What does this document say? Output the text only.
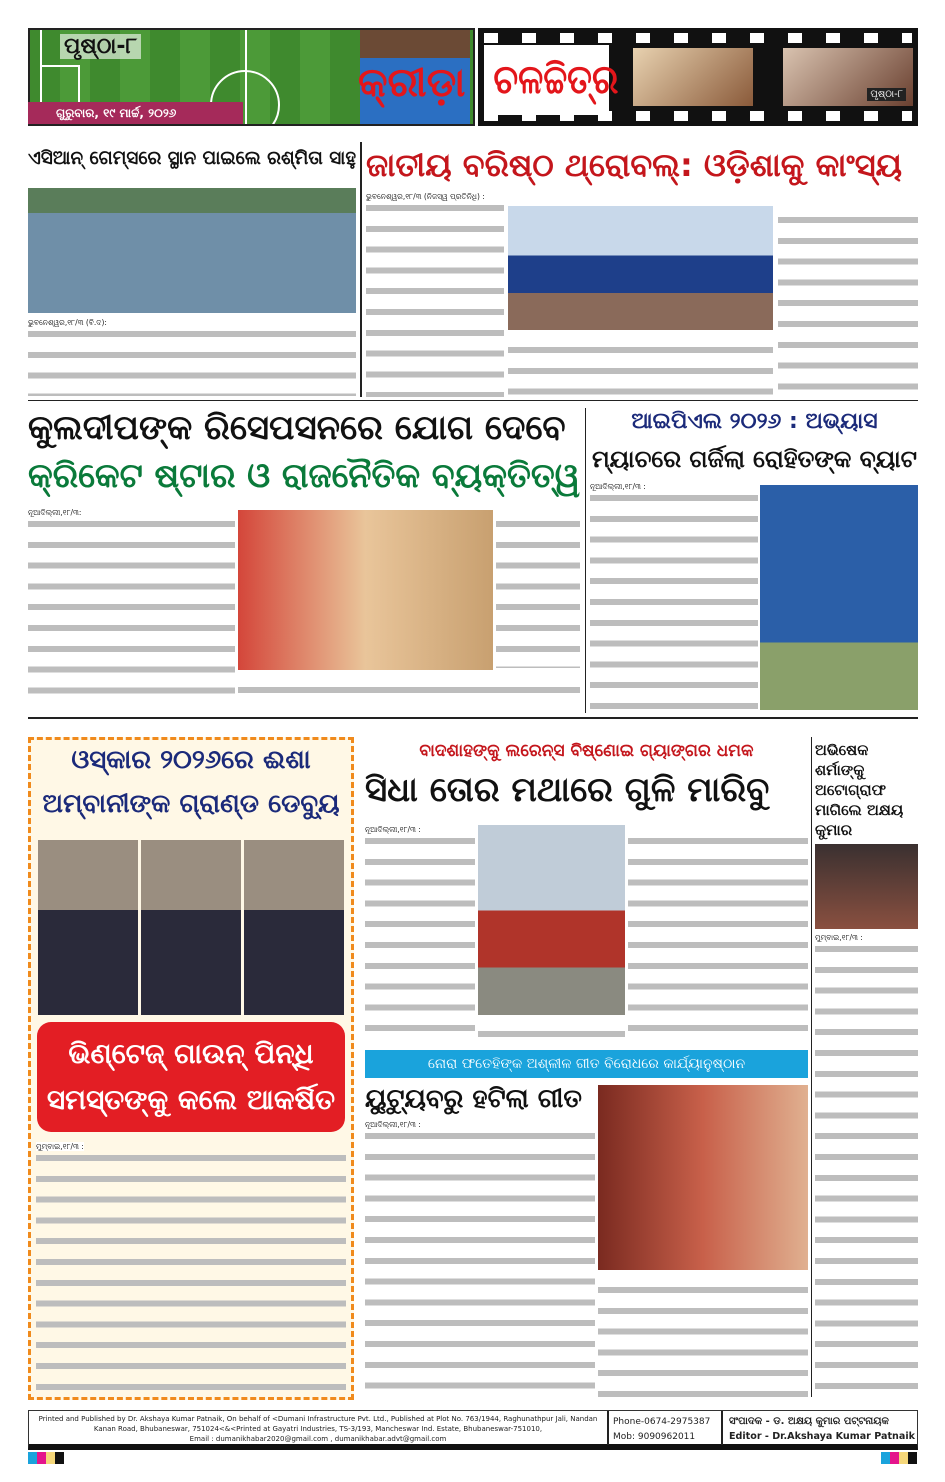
ପୃଷ୍ଠା-୮
ଗୁରୁବାର, ୧୯ ମାର୍ଚ୍ଚ, ୨୦୨୬
କ୍ରୀଡ଼ା	ପୃଷ୍ଠା-୮
ଚଳଚ୍ଚିତ୍ର
ଏସିଆନ୍ ଗେମ୍ସରେ ସ୍ଥାନ ପାଇଲେ ରଶ୍ମିତା ସାହୁ
ଭୁବନେଶ୍ୱର,୧୮/୩ (ବି.ଦ):
ଜାତୀୟ ବରିଷ୍ଠ ଥ୍ରୋବଲ୍: ଓଡ଼ିଶାକୁ କାଂସ୍ୟ
ଭୁବନେଶ୍ୱର,୧୮/୩ (ନିଜସ୍ୱ ପ୍ରତିନିଧି) :
କୁଲଦୀପଙ୍କ ରିସେପସନରେ ଯୋଗ ଦେବେ
କ୍ରିକେଟ ଷ୍ଟାର ଓ ରାଜନୈତିକ ବ୍ୟକ୍ତିତ୍ୱ
ନୂଆଦିଲ୍ଲୀ,୧୮/୩:
ଆଇପିଏଲ ୨୦୨୬ : ଅଭ୍ୟାସ
ମ୍ୟାଚରେ ଗର୍ଜିଲା ରୋହିତଙ୍କ ବ୍ୟାଟ
ନୂଆଦିଲ୍ଲୀ,୧୮/୩ :
ଓସ୍କାର ୨୦୨୬ରେ ଈଶା
ଅମ୍ବାନୀଙ୍କ ଗ୍ରାଣ୍ଡ ଡେବ୍ୟୁ
ଭିଣ୍ଟେଜ୍ ଗାଉନ୍ ପିନ୍ଧି
ସମସ୍ତଙ୍କୁ କଲେ ଆକର୍ଷିତ
ମୁମ୍ବାଇ,୧୮/୩ :
ବାଦଶାହଙ୍କୁ ଲରେନ୍ସ ବିଷ୍ଣୋଇ ଗ୍ୟାଙ୍ଗର ଧମକ
ସିଧା ତୋର ମଥାରେ ଗୁଳି ମାରିବୁ
ନୂଆଦିଲ୍ଲୀ,୧୮/୩ :
ଅଭିଷେକ ଶର୍ମାଙ୍କୁ ଅଟୋଗ୍ରାଫ ମାଗିଲେ ଅକ୍ଷୟ କୁମାର
ମୁମ୍ବାଇ,୧୮/୩ :
ନୋରା ଫତେହିଙ୍କ ଅଶ୍ଳୀଳ ଗୀତ ବିରୋଧରେ କାର୍ଯ୍ୟାନୁଷ୍ଠାନ
ୟୁଟ୍ୟୁବରୁ ହଟିଲା ଗୀତ
ନୂଆଦିଲ୍ଲୀ,୧୮/୩ :
Printed and Published by Dr. Akshaya Kumar Patnaik, On behalf of <Dumani Infrastructure Pvt. Ltd., Published at Plot No. 763/1944, Raghunathpur Jali, Nandan
Kanan Road, Bhubaneswar, 751024<&<Printed at Gayatri Industries, TS-3/193, Mancheswar Ind. Estate, Bhubaneswar-751010,
Email : dumanikhabar2020@gmail.com , dumanikhabar.advt@gmail.com
Phone-0674-2975387
Mob: 9090962011
ସଂପାଦକ - ଡ. ଅକ୍ଷୟ କୁମାର ପଟ୍ଟନାୟକ
Editor - Dr.Akshaya Kumar Patnaik
